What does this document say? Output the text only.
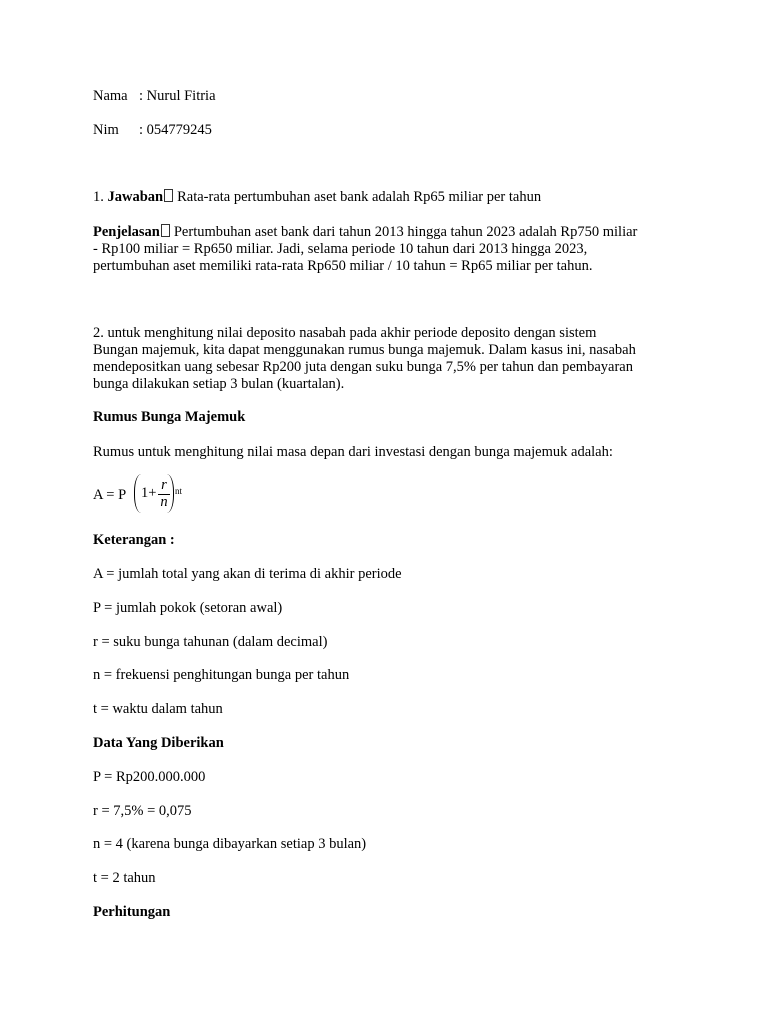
Nama : Nurul Fitria
Nim : 054779245
1. Jawaban Rata-rata pertumbuhan aset bank adalah Rp65 miliar per tahun
Penjelasan Pertumbuhan aset bank dari tahun 2013 hingga tahun 2023 adalah Rp750 miliar
- Rp100 miliar = Rp650 miliar. Jadi, selama periode 10 tahun dari 2013 hingga 2023,
pertumbuhan aset memiliki rata-rata Rp650 miliar / 10 tahun = Rp65 miliar per tahun.
2. untuk menghitung nilai deposito nasabah pada akhir periode deposito dengan sistem
Bungan majemuk, kita dapat menggunakan rumus bunga majemuk. Dalam kasus ini, nasabah
mendepositkan uang sebesar Rp200 juta dengan suku bunga 7,5% per tahun dan pembayaran
bunga dilakukan setiap 3 bulan (kuartalan).
Rumus Bunga Majemuk
Rumus untuk menghitung nilai masa depan dari investasi dengan bunga majemuk adalah:
A = P 1+ r
n
nt
Keterangan :
A = jumlah total yang akan di terima di akhir periode
P = jumlah pokok (setoran awal)
r = suku bunga tahunan (dalam decimal)
n = frekuensi penghitungan bunga per tahun
t = waktu dalam tahun
Data Yang Diberikan
P = Rp200.000.000
r = 7,5% = 0,075
n = 4 (karena bunga dibayarkan setiap 3 bulan)
t = 2 tahun
Perhitungan
